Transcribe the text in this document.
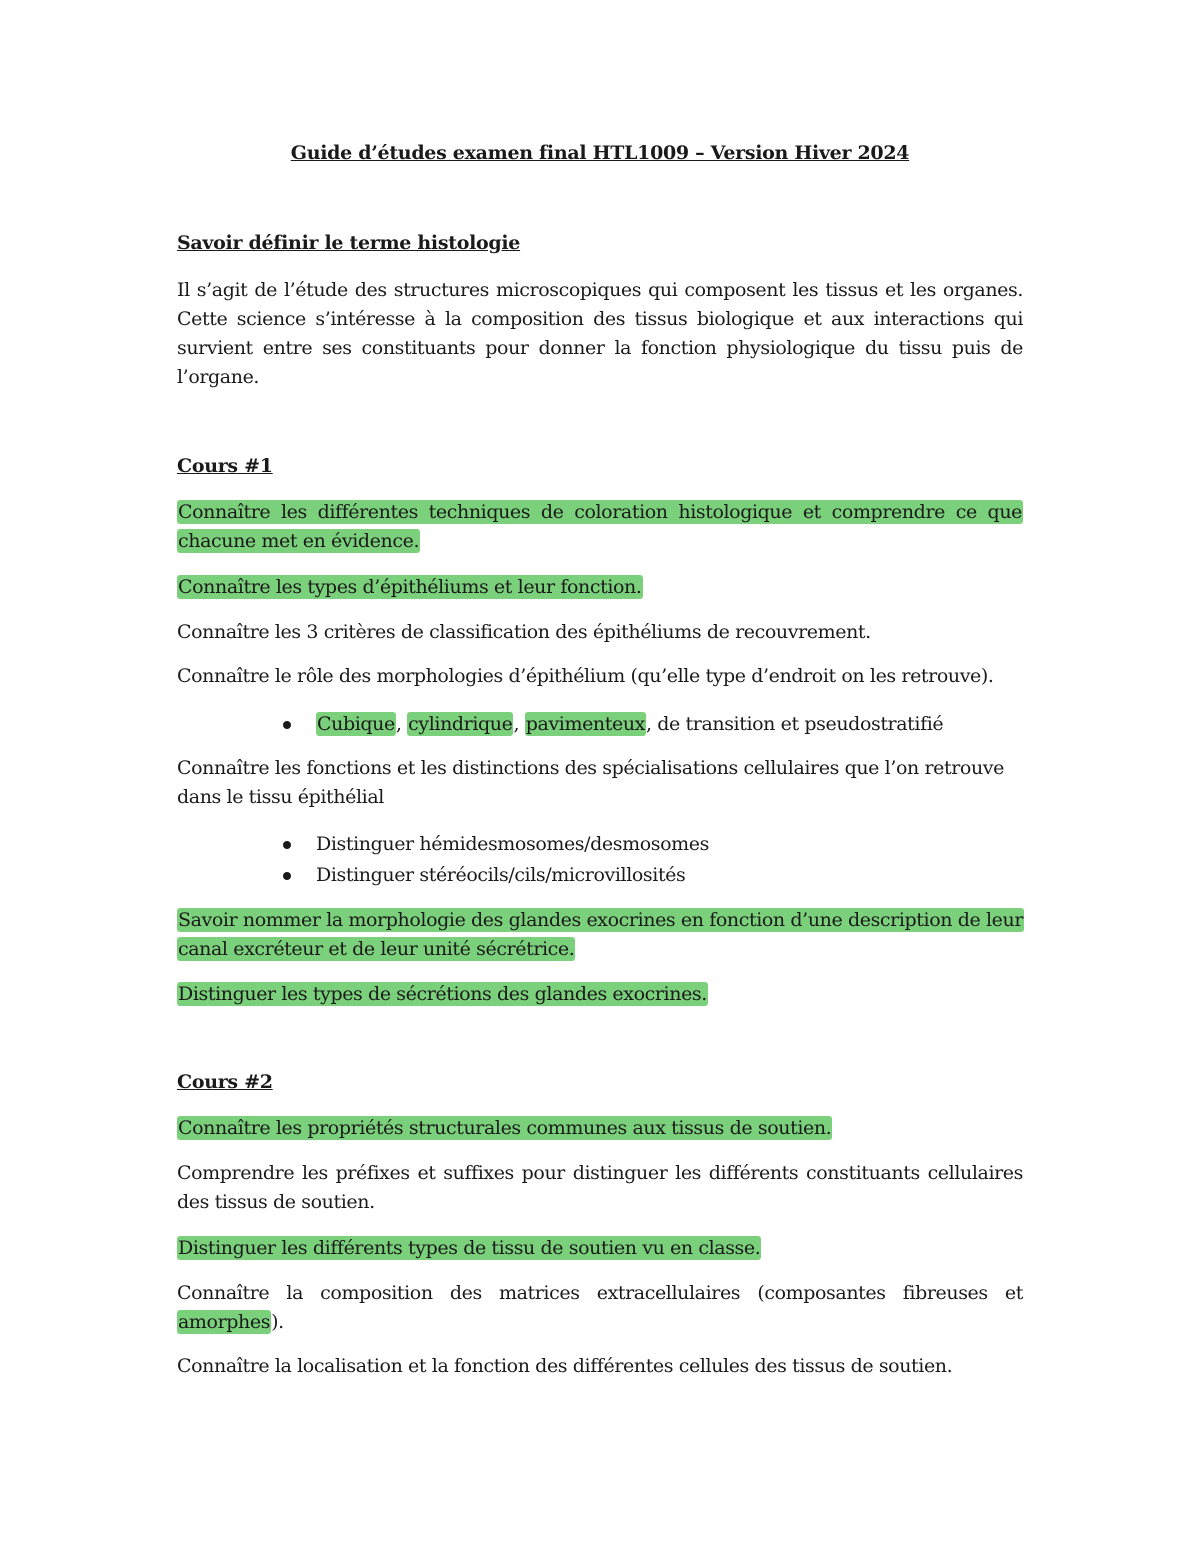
Guide d’études examen final HTL1009 – Version Hiver 2024
Savoir définir le terme histologie
Il s’agit de l’étude des structures microscopiques qui composent les tissus et les organes. Cette science s’intéresse à la composition des tissus biologique et aux interactions qui survient entre ses constituants pour donner la fonction physiologique du tissu puis de l’organe.
Cours #1
Connaître les différentes techniques de coloration histologique et comprendre ce que chacune met en évidence.
Connaître les types d’épithéliums et leur fonction.
Connaître les 3 critères de classification des épithéliums de recouvrement.
Connaître le rôle des morphologies d’épithélium (qu’elle type d’endroit on les retrouve).
Cubique, cylindrique, pavimenteux, de transition et pseudostratifié
Connaître les fonctions et les distinctions des spécialisations cellulaires que l’on retrouve dans le tissu épithélial
Distinguer hémidesmosomes/desmosomes
Distinguer stéréocils/cils/microvillosités
Savoir nommer la morphologie des glandes exocrines en fonction d’une description de leur canal excréteur et de leur unité sécrétrice.
Distinguer les types de sécrétions des glandes exocrines.
Cours #2
Connaître les propriétés structurales communes aux tissus de soutien.
Comprendre les préfixes et suffixes pour distinguer les différents constituants cellulaires des tissus de soutien.
Distinguer les différents types de tissu de soutien vu en classe.
Connaître la composition des matrices extracellulaires (composantes fibreuses et amorphes).
Connaître la localisation et la fonction des différentes cellules des tissus de soutien.
